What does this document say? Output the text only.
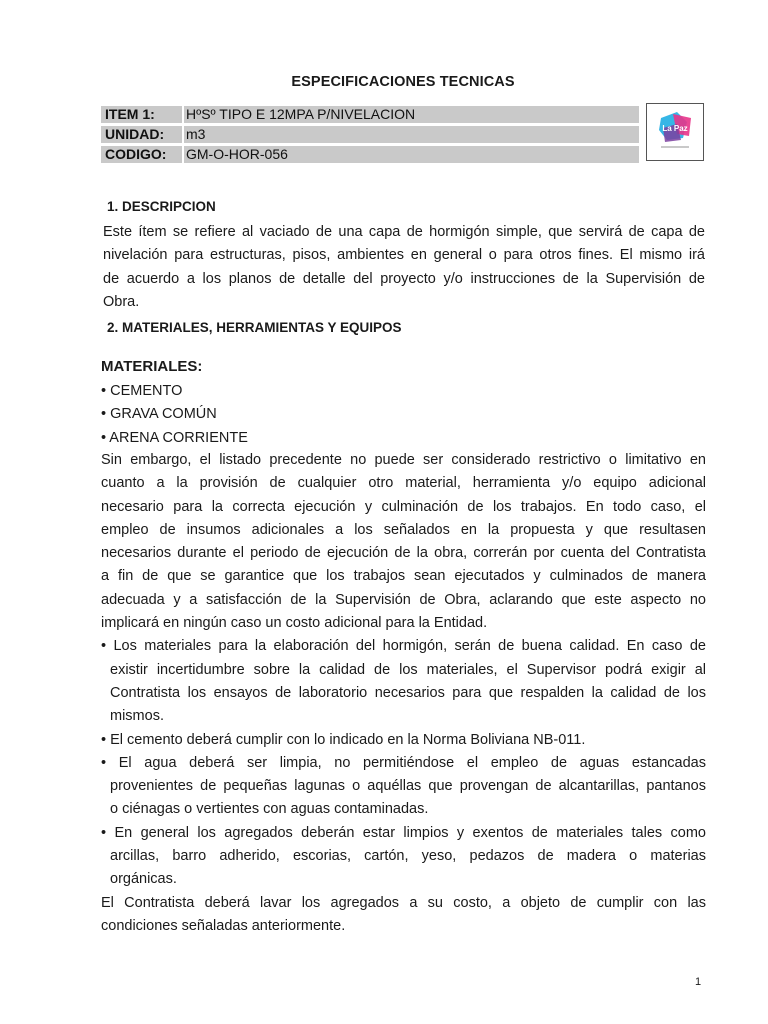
ESPECIFICACIONES TECNICAS
ITEM 1: HºSº TIPO E 12MPA P/NIVELACION
UNIDAD: m3
CODIGO: GM-O-HOR-056
La Paz
1. DESCRIPCION
Este ítem se refiere al vaciado de una capa de hormigón simple, que servirá de capa de
nivelación para estructuras, pisos, ambientes en general o para otros fines. El mismo irá
de acuerdo a los planos de detalle del proyecto y/o instrucciones de la Supervisión de
Obra.
2. MATERIALES, HERRAMIENTAS Y EQUIPOS
MATERIALES:
• CEMENTO
• GRAVA COMÚN
• ARENA CORRIENTE
Sin embargo, el listado precedente no puede ser considerado restrictivo o limitativo en
cuanto a la provisión de cualquier otro material, herramienta y/o equipo adicional
necesario para la correcta ejecución y culminación de los trabajos. En todo caso, el
empleo de insumos adicionales a los señalados en la propuesta y que resultasen
necesarios durante el periodo de ejecución de la obra, correrán por cuenta del Contratista
a fin de que se garantice que los trabajos sean ejecutados y culminados de manera
adecuada y a satisfacción de la Supervisión de Obra, aclarando que este aspecto no
implicará en ningún caso un costo adicional para la Entidad.
• Los materiales para la elaboración del hormigón, serán de buena calidad. En caso de
existir incertidumbre sobre la calidad de los materiales, el Supervisor podrá exigir al
Contratista los ensayos de laboratorio necesarios para que respalden la calidad de los
mismos.
• El cemento deberá cumplir con lo indicado en la Norma Boliviana NB-011.
• El agua deberá ser limpia, no permitiéndose el empleo de aguas estancadas
provenientes de pequeñas lagunas o aquéllas que provengan de alcantarillas, pantanos
o ciénagas o vertientes con aguas contaminadas.
• En general los agregados deberán estar limpios y exentos de materiales tales como
arcillas, barro adherido, escorias, cartón, yeso, pedazos de madera o materias
orgánicas.
El Contratista deberá lavar los agregados a su costo, a objeto de cumplir con las
condiciones señaladas anteriormente.
1
